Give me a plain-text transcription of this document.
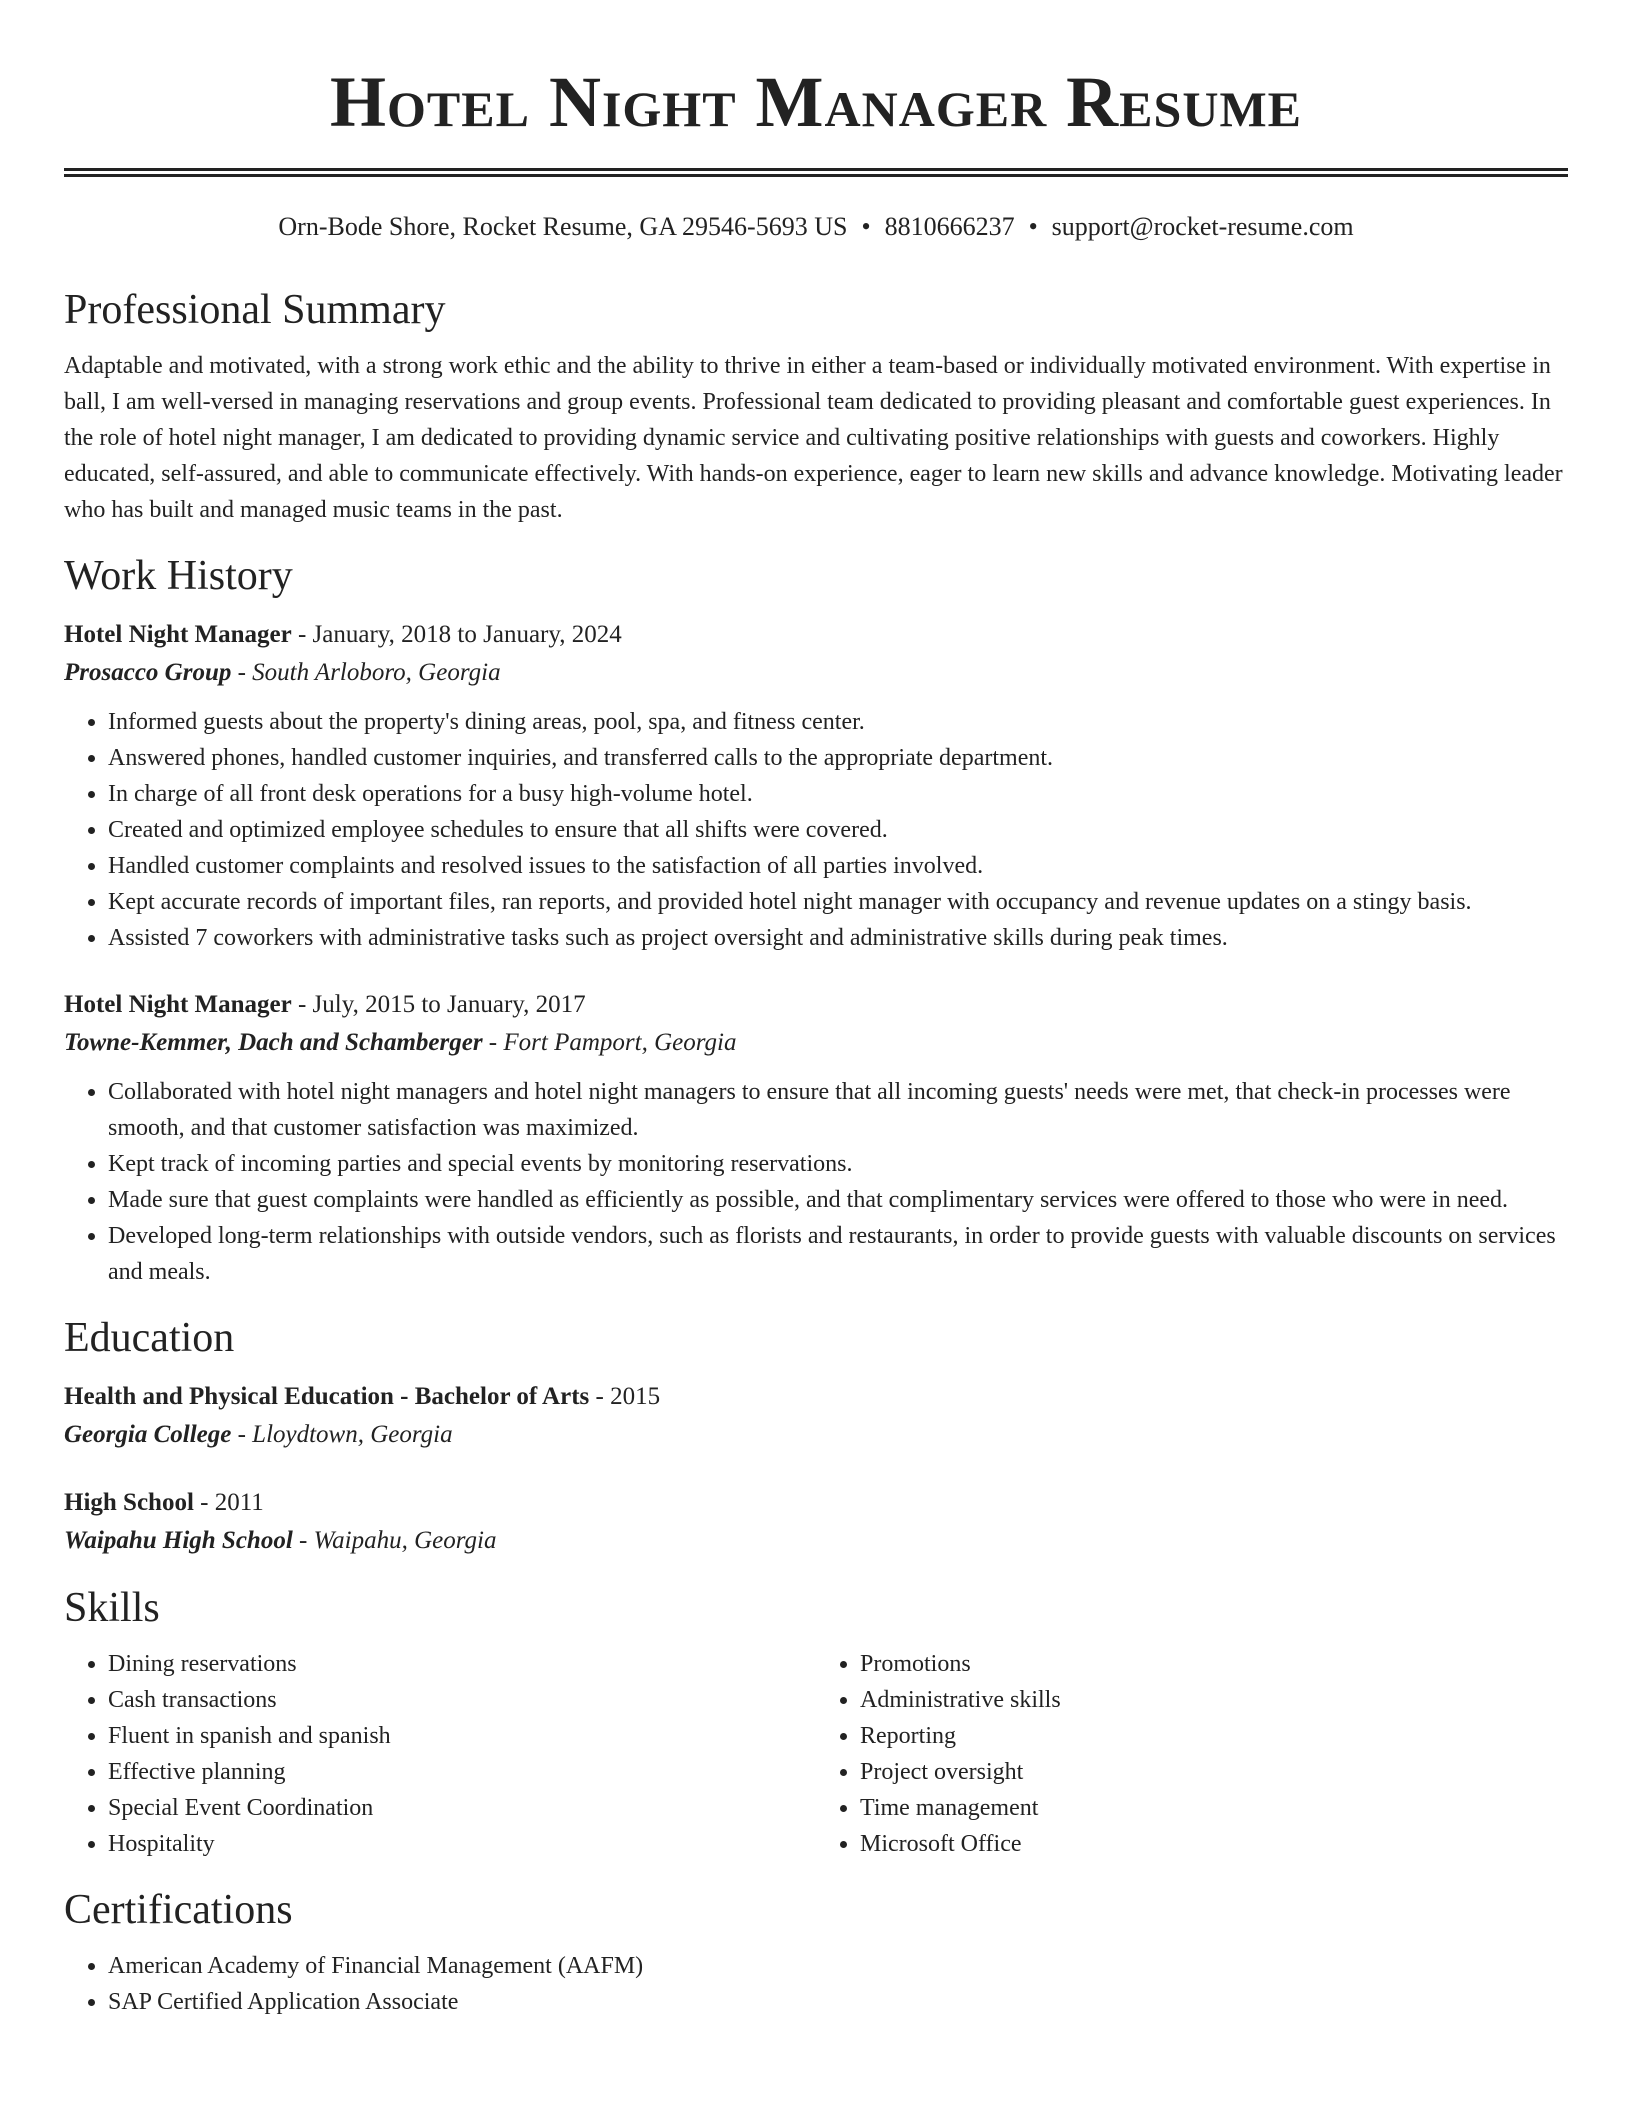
Hotel Night Manager Resume
Orn-Bode Shore, Rocket Resume, GA 29546-5693 US • 8810666237 • support@rocket-resume.com
Professional Summary

Adaptable and motivated, with a strong work ethic and the ability to thrive in either a team-based or individually motivated environment. With expertise in ball, I am well-versed in managing reservations and group events. Professional team dedicated to providing pleasant and comfortable guest experiences. In the role of hotel night manager, I am dedicated to providing dynamic service and cultivating positive relationships with guests and coworkers. Highly educated, self-assured, and able to communicate effectively. With hands-on experience, eager to learn new skills and advance knowledge. Motivating leader who has built and managed music teams in the past.

Work History
Hotel Night Manager - January, 2018 to January, 2024
Prosacco Group - South Arloboro, Georgia
• Informed guests about the property's dining areas, pool, spa, and fitness center.
• Answered phones, handled customer inquiries, and transferred calls to the appropriate department.
• In charge of all front desk operations for a busy high-volume hotel.
• Created and optimized employee schedules to ensure that all shifts were covered.
• Handled customer complaints and resolved issues to the satisfaction of all parties involved.
• Kept accurate records of important files, ran reports, and provided hotel night manager with occupancy and revenue updates on a stingy basis.
• Assisted 7 coworkers with administrative tasks such as project oversight and administrative skills during peak times.
Hotel Night Manager - July, 2015 to January, 2017
Towne-Kemmer, Dach and Schamberger - Fort Pamport, Georgia
• Collaborated with hotel night managers and hotel night managers to ensure that all incoming guests' needs were met, that check-in processes were smooth, and that customer satisfaction was maximized.
• Kept track of incoming parties and special events by monitoring reservations.
• Made sure that guest complaints were handled as efficiently as possible, and that complimentary services were offered to those who were in need.
• Developed long-term relationships with outside vendors, such as florists and restaurants, in order to provide guests with valuable discounts on services and meals.
Education
Health and Physical Education - Bachelor of Arts - 2015
Georgia College - Lloydtown, Georgia
High School - 2011
Waipahu High School - Waipahu, Georgia
Skills
• Dining reservations
• Cash transactions
• Fluent in spanish and spanish
• Effective planning
• Special Event Coordination
• Hospitality
• Promotions
• Administrative skills
• Reporting
• Project oversight
• Time management
• Microsoft Office
Certifications
• American Academy of Financial Management (AAFM)
• SAP Certified Application Associate
